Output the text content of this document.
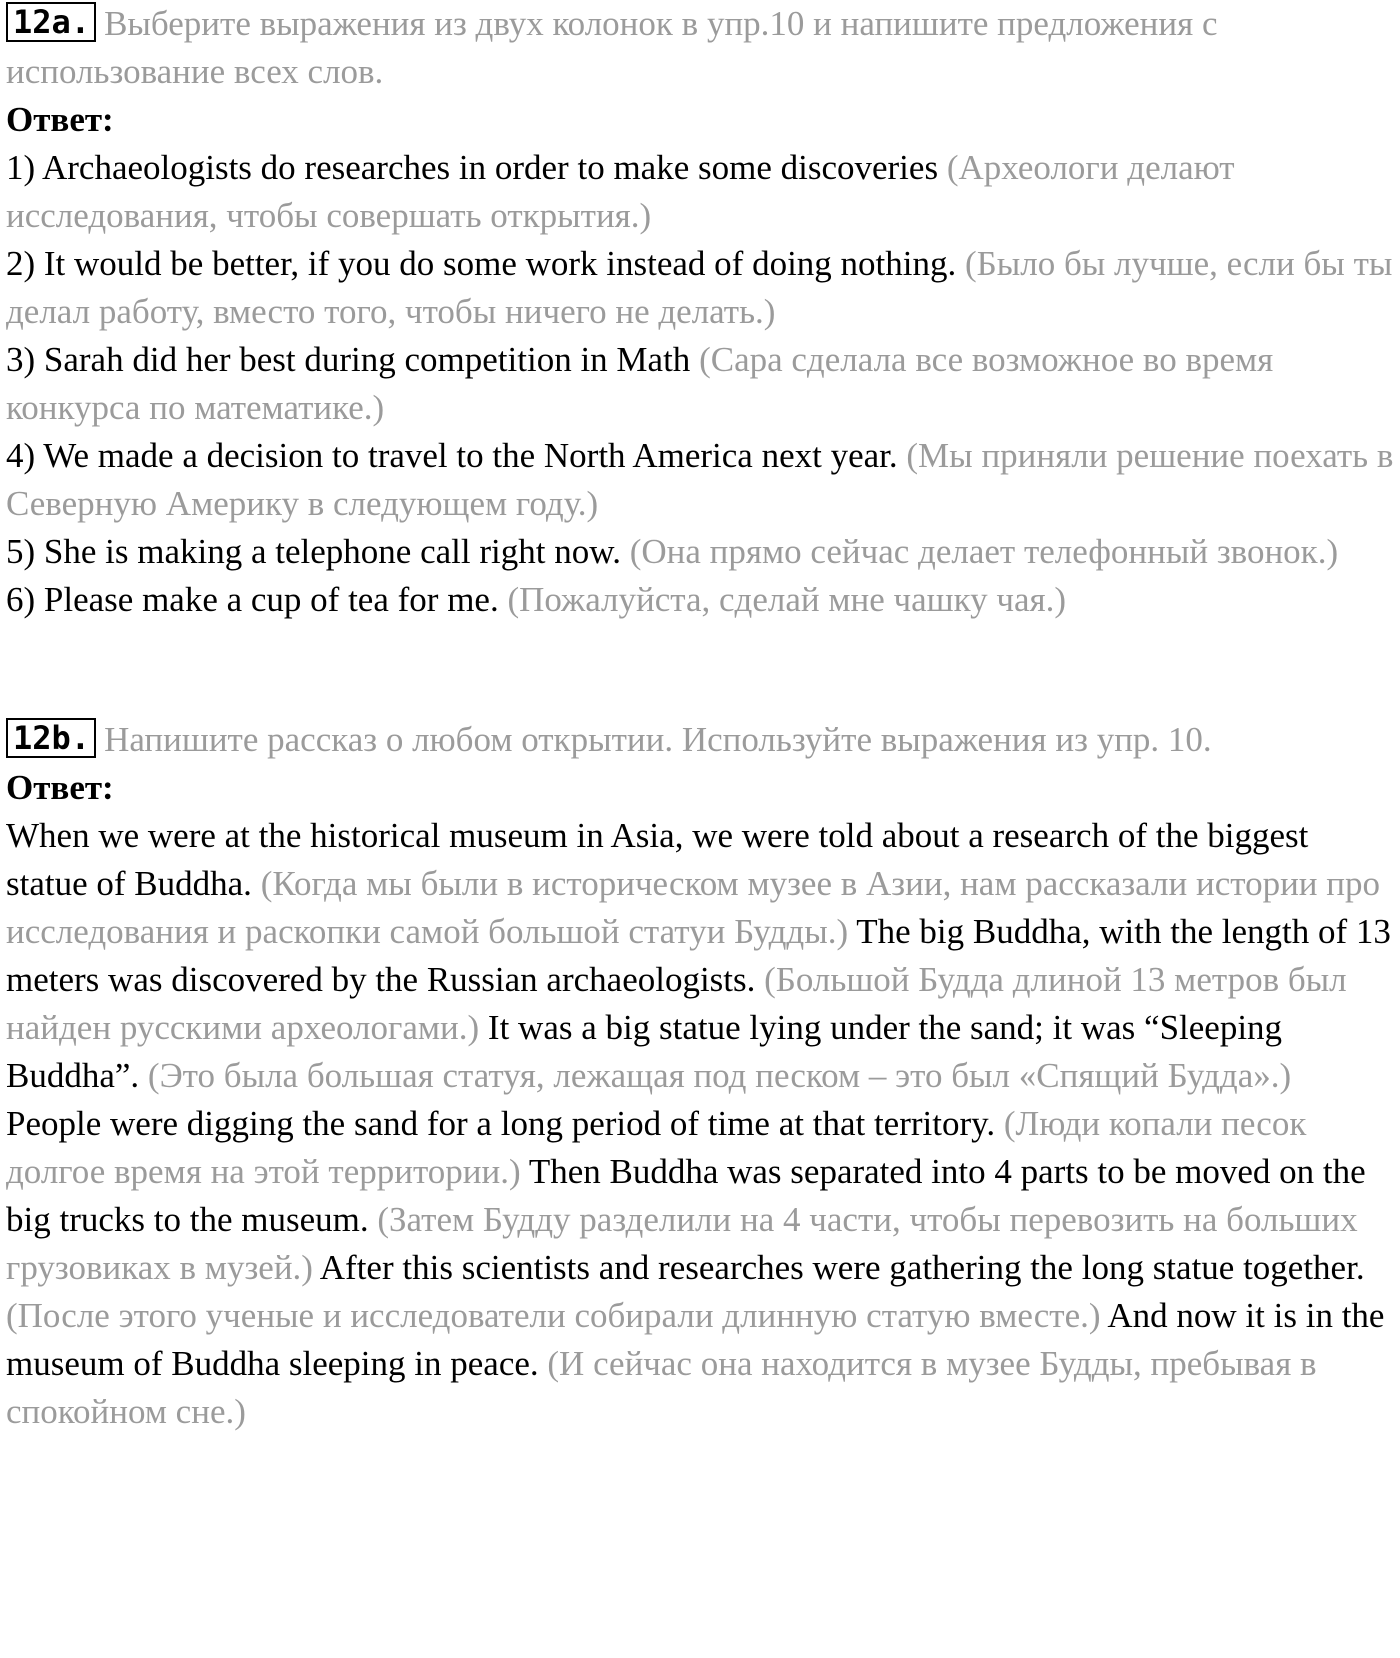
12a. Выберите выражения из двух колонок в упр.10 и напишите предложения с использование всех слов.

Ответ:

1) Archaeologists do researches in order to make some discoveries (Археологи делают исследования, чтобы совершать открытия.)

2) It would be better, if you do some work instead of doing nothing. (Было бы лучше, если бы ты делал работу, вместо того, чтобы ничего не делать.)

3) Sarah did her best during competition in Math (Сара сделала все возможное во время конкурса по математике.)

4) We made a decision to travel to the North America next year. (Мы приняли решение поехать в Северную Америку в следующем году.)

5) She is making a telephone call right now. (Она прямо сейчас делает телефонный звонок.)

6) Please make a cup of tea for me. (Пожалуйста, сделай мне чашку чая.)

12b. Напишите рассказ о любом открытии. Используйте выражения из упр. 10.

Ответ:

When we were at the historical museum in Asia, we were told about a research of the biggest statue of Buddha. (Когда мы были в историческом музее в Азии, нам рассказали истории про исследования и раскопки самой большой статуи Будды.) The big Buddha, with the length of 13 meters was discovered by the Russian archaeologists. (Большой Будда длиной 13 метров был найден русскими археологами.) It was a big statue lying under the sand; it was “Sleeping Buddha”. (Это была большая статуя, лежащая под песком – это был «Спящий Будда».) People were digging the sand for a long period of time at that territory. (Люди копали песок долгое время на этой территории.) Then Buddha was separated into 4 parts to be moved on the big trucks to the museum. (Затем Будду разделили на 4 части, чтобы перевозить на больших грузовиках в музей.) After this scientists and researches were gathering the long statue together. (После этого ученые и исследователи собирали длинную статую вместе.) And now it is in the museum of Buddha sleeping in peace. (И сейчас она находится в музее Будды, пребывая в спокойном сне.)
